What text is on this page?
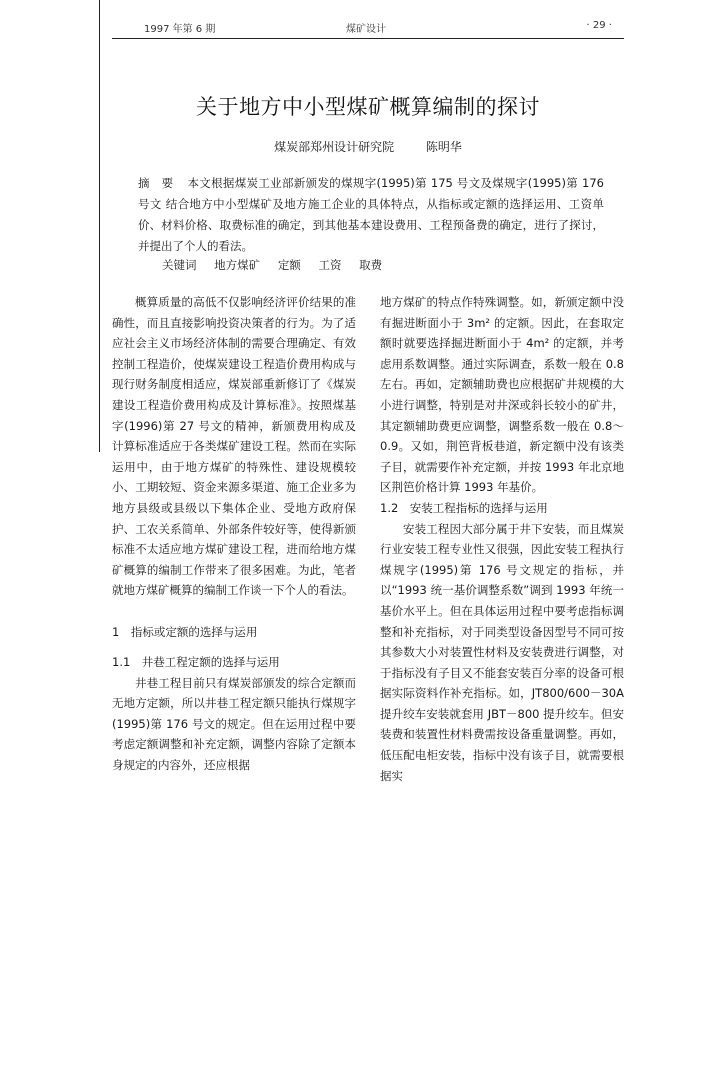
1997 年第 6 期	煤矿设计	· 29 ·
关于地方中小型煤矿概算编制的探讨
煤炭部郑州设计研究院	陈明华
摘　要 本文根据煤炭工业部新颁发的煤规字(1995)第 175 号文及煤规字(1995)第 176 号文 结合地方中小型煤矿及地方施工企业的具体特点，从指标或定额的选择运用、工资单价、材料价格、取费标准的确定，到其他基本建设费用、工程预备费的确定，进行了探讨，并提出了个人的看法。
关键词 地方煤矿 定额 工资 取费

概算质量的高低不仅影响经济评价结果的准确性，而且直接影响投资决策者的行为。为了适应社会主义市场经济体制的需要合理确定、有效控制工程造价，使煤炭建设工程造价费用构成与现行财务制度相适应，煤炭部重新修订了《煤炭建设工程造价费用构成及计算标准》。按照煤基字(1996)第 27 号文的精神，新颁费用构成及计算标准适应于各类煤矿建设工程。然而在实际运用中，由于地方煤矿的特殊性、建设规模较小、工期较短、资金来源多渠道、施工企业多为地方县级或县级以下集体企业、受地方政府保护、工农关系简单、外部条件较好等，使得新颁标准不太适应地方煤矿建设工程，进而给地方煤矿概算的编制工作带来了很多困难。为此，笔者就地方煤矿概算的编制工作谈一下个人的看法。

1　指标或定额的选择与运用

1.1　井巷工程定额的选择与运用

井巷工程目前只有煤炭部颁发的综合定额而无地方定额，所以井巷工程定额只能执行煤规字(1995)第 176 号文的规定。但在运用过程中要考虑定额调整和补充定额，调整内容除了定额本身规定的内容外，还应根据

地方煤矿的特点作特殊调整。如，新颁定额中没有掘进断面小于 3m² 的定额。因此，在套取定额时就要选择掘进断面小于 4m² 的定额，并考虑用系数调整。通过实际调查，系数一般在 0.8 左右。再如，定额辅助费也应根据矿井规模的大小进行调整，特别是对井深或斜长较小的矿井，其定额辅助费更应调整，调整系数一般在 0.8～0.9。又如，荆笆背板巷道，新定额中没有该类子目，就需要作补充定额，并按 1993 年北京地区荆笆价格计算 1993 年基价。

1.2　安装工程指标的选择与运用

安装工程因大部分属于井下安装，而且煤炭行业安装工程专业性又很强，因此安装工程执行煤规字(1995)第 176 号文规定的指标，并以“1993 统一基价调整系数”调到 1993 年统一基价水平上。但在具体运用过程中要考虑指标调整和补充指标，对于同类型设备因型号不同可按其参数大小对装置性材料及安装费进行调整，对于指标没有子目又不能套安装百分率的设备可根据实际资料作补充指标。如，JT800/600－30A 提升绞车安装就套用 JBT－800 提升绞车。但安装费和装置性材料费需按设备重量调整。再如，低压配电柜安装，指标中没有该子目，就需要根据实
